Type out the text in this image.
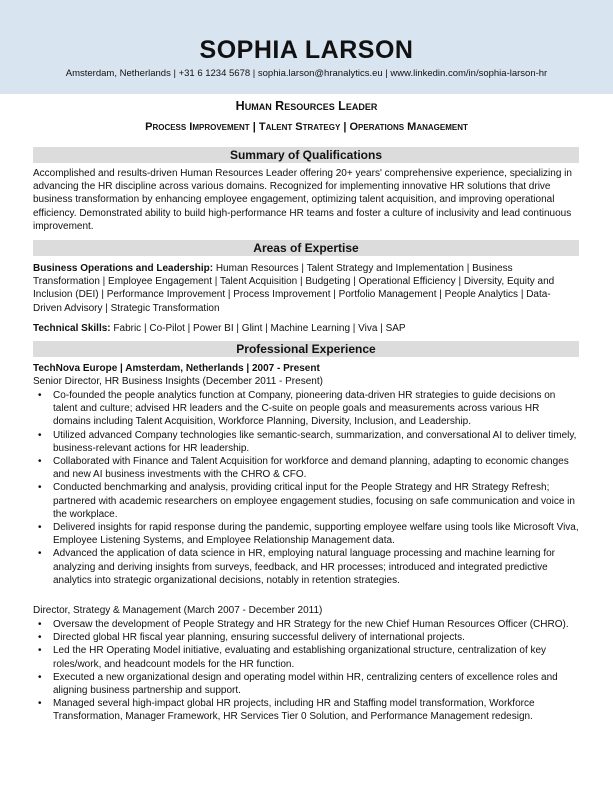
SOPHIA LARSON
Amsterdam, Netherlands | +31 6 1234 5678 | sophia.larson@hranalytics.eu | www.linkedin.com/in/sophia-larson-hr
Human Resources Leader
Process Improvement | Talent Strategy | Operations Management
Summary of Qualifications
Accomplished and results-driven Human Resources Leader offering 20+ years' comprehensive experience, specializing in advancing the HR discipline across various domains. Recognized for implementing innovative HR solutions that drive business transformation by enhancing employee engagement, optimizing talent acquisition, and improving operational efficiency. Demonstrated ability to build high-performance HR teams and foster a culture of inclusivity and lead continuous improvement.
Areas of Expertise
Business Operations and Leadership: Human Resources | Talent Strategy and Implementation | Business Transformation | Employee Engagement | Talent Acquisition | Budgeting | Operational Efficiency | Diversity, Equity and Inclusion (DEI) | Performance Improvement | Process Improvement | Portfolio Management | People Analytics | Data-Driven Advisory | Strategic Transformation
Technical Skills: Fabric | Co-Pilot | Power BI | Glint | Machine Learning | Viva | SAP
Professional Experience
TechNova Europe | Amsterdam, Netherlands | 2007 - Present
Senior Director, HR Business Insights (December 2011 - Present)
• Co-founded the people analytics function at Company, pioneering data-driven HR strategies to guide decisions on talent and culture; advised HR leaders and the C-suite on people goals and measurements across various HR domains including Talent Acquisition, Workforce Planning, Diversity, Inclusion, and Leadership.
• Utilized advanced Company technologies like semantic-search, summarization, and conversational AI to deliver timely, business-relevant actions for HR leadership.
• Collaborated with Finance and Talent Acquisition for workforce and demand planning, adapting to economic changes and new AI business investments with the CHRO & CFO.
• Conducted benchmarking and analysis, providing critical input for the People Strategy and HR Strategy Refresh; partnered with academic researchers on employee engagement studies, focusing on safe communication and voice in the workplace.
• Delivered insights for rapid response during the pandemic, supporting employee welfare using tools like Microsoft Viva, Employee Listening Systems, and Employee Relationship Management data.
• Advanced the application of data science in HR, employing natural language processing and machine learning for analyzing and deriving insights from surveys, feedback, and HR processes; introduced and integrated predictive analytics into strategic organizational decisions, notably in retention strategies.
Director, Strategy & Management (March 2007 - December 2011)
• Oversaw the development of People Strategy and HR Strategy for the new Chief Human Resources Officer (CHRO).
• Directed global HR fiscal year planning, ensuring successful delivery of international projects.
• Led the HR Operating Model initiative, evaluating and establishing organizational structure, centralization of key roles/work, and headcount models for the HR function.
• Executed a new organizational design and operating model within HR, centralizing centers of excellence roles and aligning business partnership and support.
• Managed several high-impact global HR projects, including HR and Staffing model transformation, Workforce Transformation, Manager Framework, HR Services Tier 0 Solution, and Performance Management redesign.
